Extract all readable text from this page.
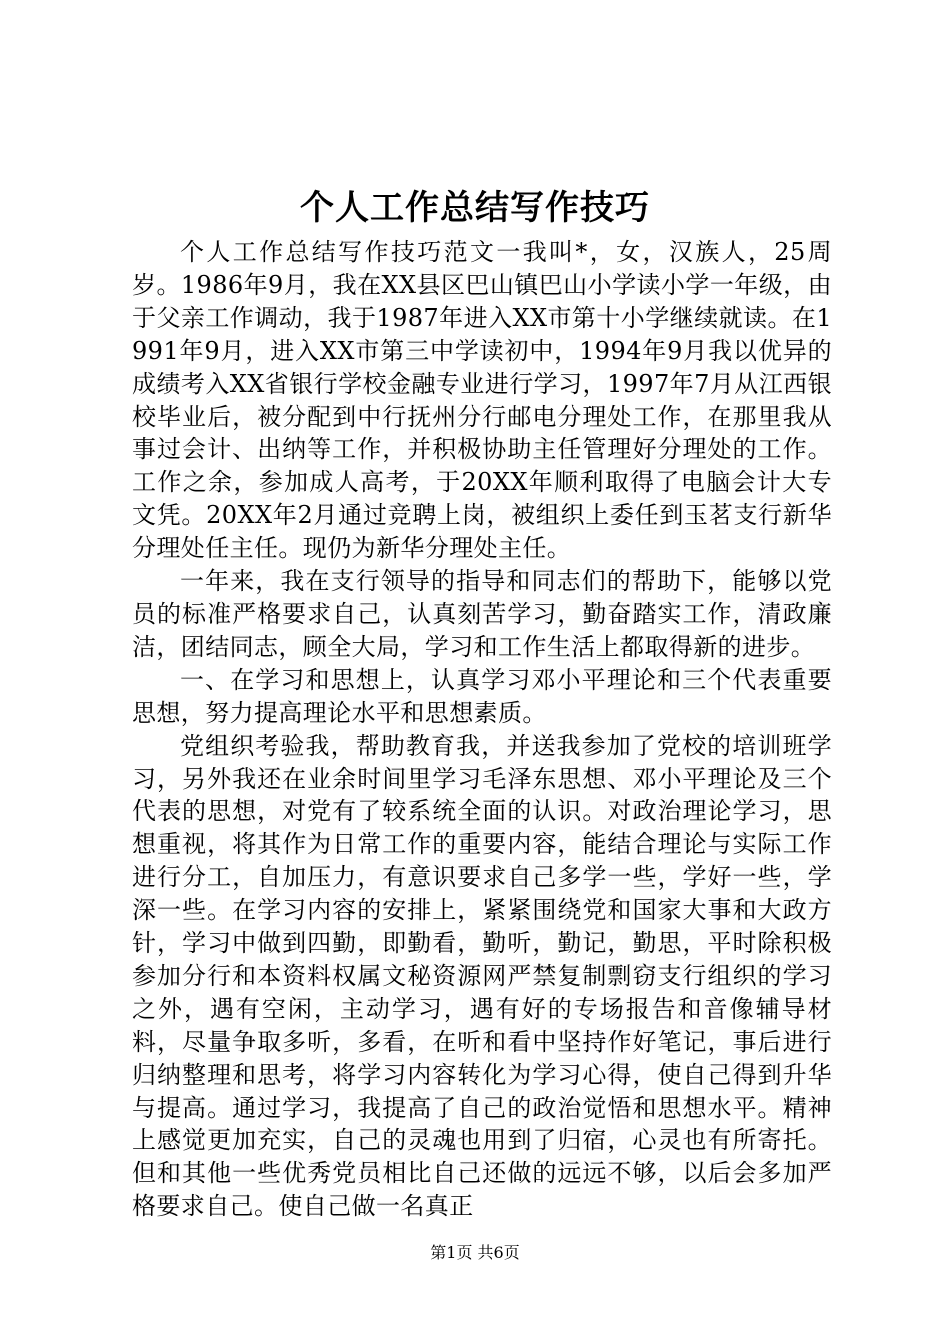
个人工作总结写作技巧

个人工作总结写作技巧范文一我叫*，女，汉族人，25周岁。1986年9月，我在XX县区巴山镇巴山小学读小学一年级，由于父亲工作调动，我于1987年进入XX市第十小学继续就读。在1991年9月，进入XX市第三中学读初中，1994年9月我以优异的成绩考入XX省银行学校金融专业进行学习，1997年7月从江西银校毕业后，被分配到中行抚州分行邮电分理处工作，在那里我从事过会计、出纳等工作，并积极协助主任管理好分理处的工作。工作之余，参加成人高考，于20XX年顺利取得了电脑会计大专文凭。20XX年2月通过竞聘上岗，被组织上委任到玉茗支行新华分理处任主任。现仍为新华分理处主任。

一年来，我在支行领导的指导和同志们的帮助下，能够以党员的标准严格要求自己，认真刻苦学习，勤奋踏实工作，清政廉洁，团结同志，顾全大局，学习和工作生活上都取得新的进步。

一、在学习和思想上，认真学习邓小平理论和三个代表重要思想，努力提高理论水平和思想素质。

党组织考验我，帮助教育我，并送我参加了党校的培训班学习，另外我还在业余时间里学习毛泽东思想、邓小平理论及三个代表的思想，对党有了较系统全面的认识。对政治理论学习，思想重视，将其作为日常工作的重要内容，能结合理论与实际工作进行分工，自加压力，有意识要求自己多学一些，学好一些，学深一些。在学习内容的安排上，紧紧围绕党和国家大事和大政方针，学习中做到四勤，即勤看，勤听，勤记，勤思，平时除积极参加分行和本资料权属文秘资源网严禁复制剽窃支行组织的学习之外，遇有空闲，主动学习，遇有好的专场报告和音像辅导材料，尽量争取多听，多看，在听和看中坚持作好笔记，事后进行归纳整理和思考，将学习内容转化为学习心得，使自己得到升华与提高。通过学习，我提高了自己的政治觉悟和思想水平。精神上感觉更加充实，自己的灵魂也用到了归宿，心灵也有所寄托。但和其他一些优秀党员相比自己还做的远远不够，以后会多加严格要求自己。使自己做一名真正

第1页 共6页
